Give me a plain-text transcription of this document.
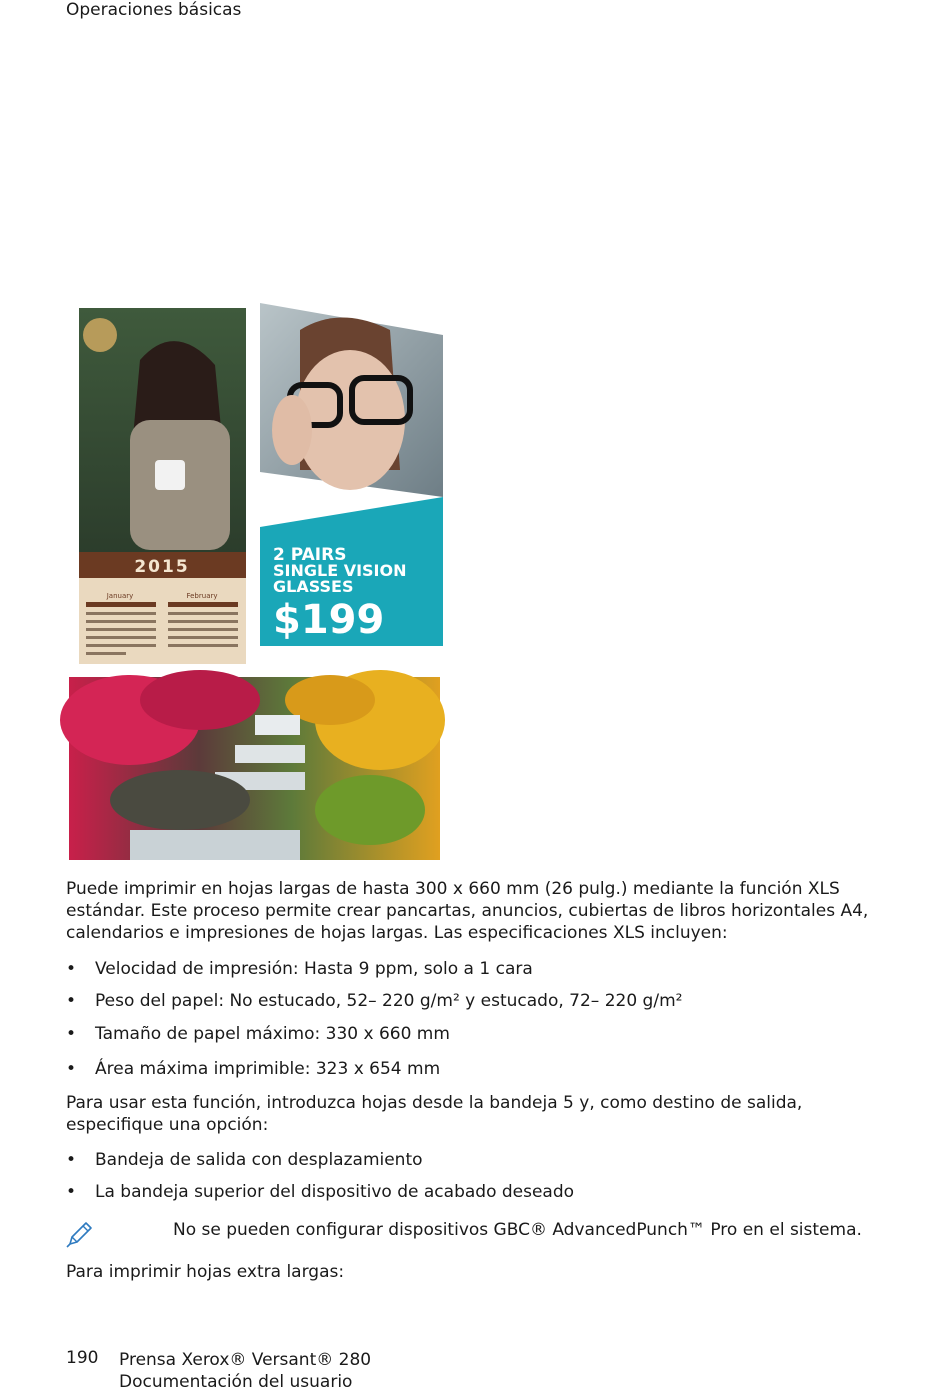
Operaciones básicas
2015
January	February
2 PAIRS
SINGLE VISION
GLASSES
$199
Puede imprimir en hojas largas de hasta 300 x 660 mm (26 pulg.) mediante la función XLS estándar. Este proceso permite crear pancartas, anuncios, cubiertas de libros horizontales A4, calendarios e impresiones de hojas largas. Las especificaciones XLS incluyen:
• Velocidad de impresión: Hasta 9 ppm, solo a 1 cara
• Peso del papel: No estucado, 52– 220 g/m² y estucado, 72– 220 g/m²
• Tamaño de papel máximo: 330 x 660 mm
• Área máxima imprimible: 323 x 654 mm
Para usar esta función, introduzca hojas desde la bandeja 5 y, como destino de salida, especifique una opción:
• Bandeja de salida con desplazamiento
• La bandeja superior del dispositivo de acabado deseado
No se pueden configurar dispositivos GBC® AdvancedPunch™ Pro en el sistema.
Para imprimir hojas extra largas:
190 Prensa Xerox® Versant® 280
Documentación del usuario
